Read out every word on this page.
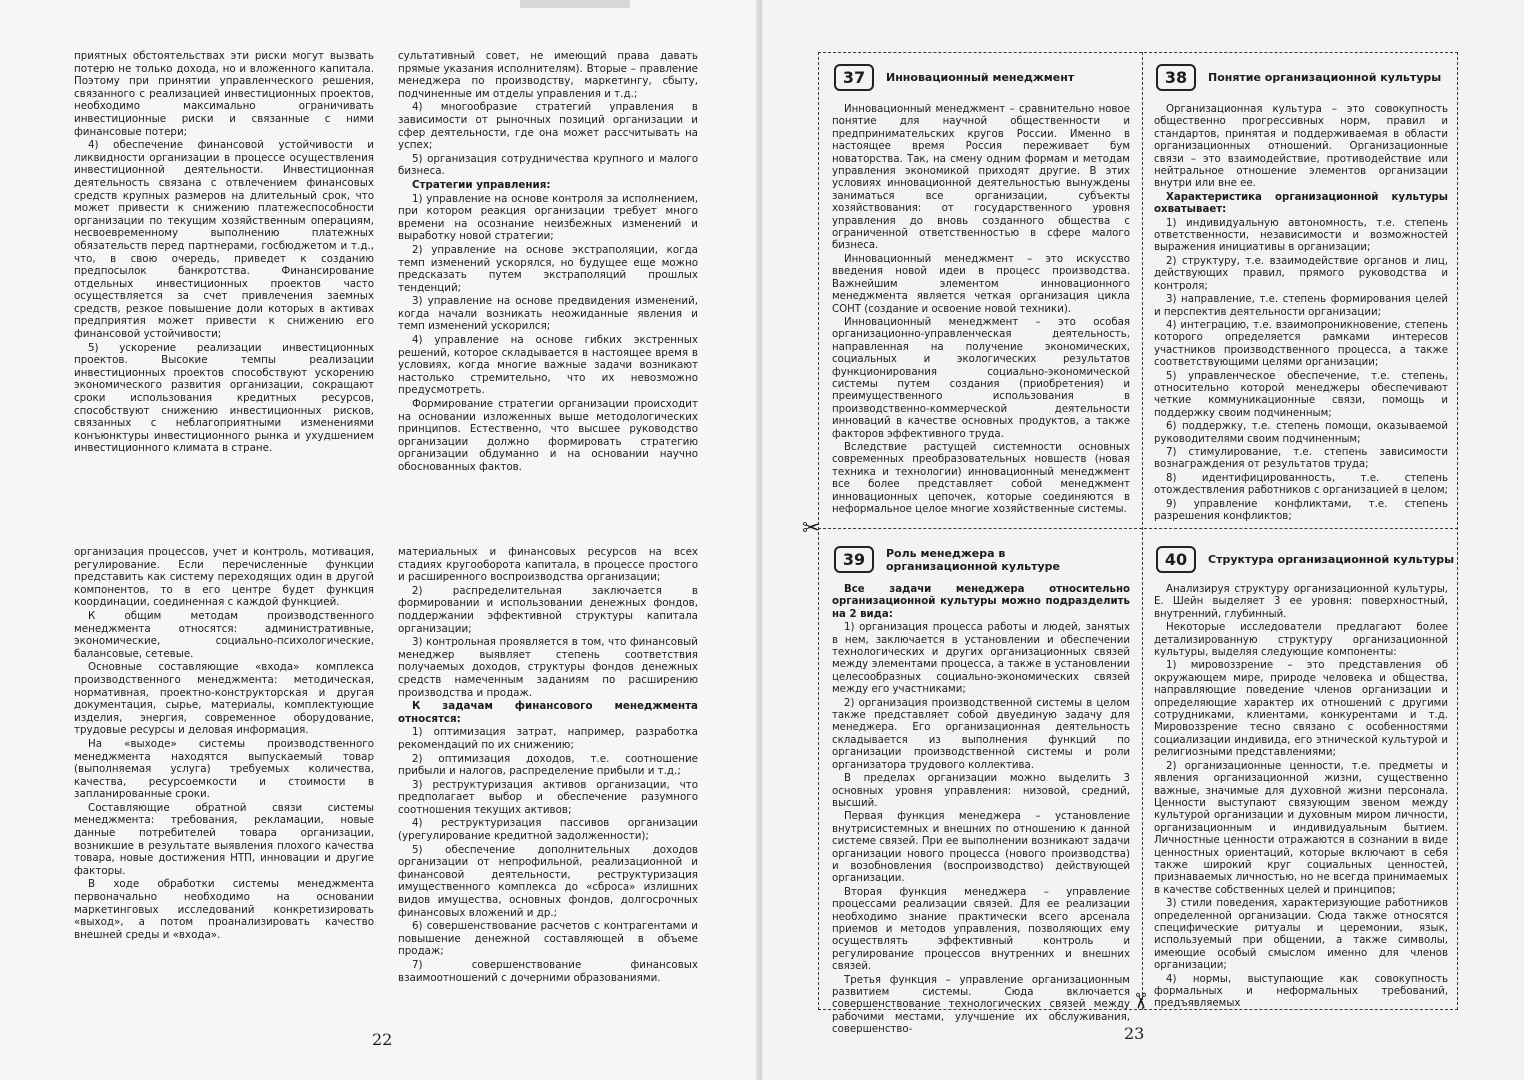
приятных обстоятельствах эти риски могут вызвать потерю не только дохода, но и вложенного капитала. Поэтому при принятии управленческого решения, связанного с реализацией инвестиционных проектов, необходимо максимально ограничивать инвестиционные риски и связанные с ними финансовые потери;

4) обеспечение финансовой устойчивости и ликвидности организации в процессе осуществления инвестиционной деятельности. Инвестиционная деятельность связана с отвлечением финансовых средств крупных размеров на длительный срок, что может привести к снижению платежеспособности организации по текущим хозяйственным операциям, несвоевременному выполнению платежных обязательств перед партнерами, госбюджетом и т.д., что, в свою очередь, приведет к созданию предпосылок банкротства. Финансирование отдельных инвестиционных проектов часто осуществляется за счет привлечения заемных средств, резкое повышение доли которых в активах предприятия может привести к снижению его финансовой устойчивости;

5) ускорение реализации инвестиционных проектов. Высокие темпы реализации инвестиционных проектов способствуют ускорению экономического развития организации, сокращают сроки использования кредитных ресурсов, способствуют снижению инвестиционных рисков, связанных с неблагоприятными изменениями конъюнктуры инвестиционного рынка и ухудшением инвестиционного климата в стране.

сультативный совет, не имеющий права давать прямые указания исполнителям). Вторые – правление менеджера по производству, маркетингу, сбыту, подчиненные им отделы управления и т.д.;

4) многообразие стратегий управления в зависимости от рыночных позиций организации и сфер деятельности, где она может рассчитывать на успех;

5) организация сотрудничества крупного и малого бизнеса.

Стратегии управления:

1) управление на основе контроля за исполнением, при котором реакция организации требует много времени на осознание неизбежных изменений и выработку новой стратегии;

2) управление на основе экстраполяции, когда темп изменений ускорялся, но будущее еще можно предсказать путем экстраполяций прошлых тенденций;

3) управление на основе предвидения изменений, когда начали возникать неожиданные явления и темп изменений ускорился;

4) управление на основе гибких экстренных решений, которое складывается в настоящее время в условиях, когда многие важные задачи возникают настолько стремительно, что их невозможно предусмотреть.

Формирование стратегии организации происходит на основании изложенных выше методологических принципов. Естественно, что высшее руководство организации должно формировать стратегию организации обдуманно и на основании научно обоснованных фактов.

организация процессов, учет и контроль, мотивация, регулирование. Если перечисленные функции представить как систему переходящих один в другой компонентов, то в его центре будет функция координации, соединенная с каждой функцией.

К общим методам производственного менеджмента относятся: административные, экономические, социально-психологические, балансовые, сетевые.

Основные составляющие «входа» комплекса производственного менеджмента: методическая, нормативная, проектно-конструкторская и другая документация, сырье, материалы, комплектующие изделия, энергия, современное оборудование, трудовые ресурсы и деловая информация.

На «выходе» системы производственного менеджмента находятся выпускаемый товар (выполняемая услуга) требуемых количества, качества, ресурсоемкости и стоимости в запланированные сроки.

Составляющие обратной связи системы менеджмента: требования, рекламации, новые данные потребителей товара организации, возникшие в результате выявления плохого качества товара, новые достижения НТП, инновации и другие факторы.

В ходе обработки системы менеджмента первоначально необходимо на основании маркетинговых исследований конкретизировать «выход», а потом проанализировать качество внешней среды и «входа».

материальных и финансовых ресурсов на всех стадиях кругооборота капитала, в процессе простого и расширенного воспроизводства организации;

2) распределительная заключается в формировании и использовании денежных фондов, поддержании эффективной структуры капитала организации;

3) контрольная проявляется в том, что финансовый менеджер выявляет степень соответствия получаемых доходов, структуры фондов денежных средств намеченным заданиям по расширению производства и продаж.

К задачам финансового менеджмента относятся:

1) оптимизация затрат, например, разработка рекомендаций по их снижению;

2) оптимизация доходов, т.е. соотношение прибыли и налогов, распределение прибыли и т.д.;

3) реструктуризация активов организации, что предполагает выбор и обеспечение разумного соотношения текущих активов;

4) реструктуризация пассивов организации (урегулирование кредитной задолженности);

5) обеспечение дополнительных доходов организации от непрофильной, реализационной и финансовой деятельности, реструктуризация имущественного комплекса до «сброса» излишних видов имущества, основных фондов, долгосрочных финансовых вложений и др.;

6) совершенствование расчетов с контрагентами и повышение денежной составляющей в объеме продаж;

7) совершенствование финансовых взаимоотношений с дочерними образованиями.

22
✂
✂
37	Инновационный менеджмент

Инновационный менеджмент – сравнительно новое понятие для научной общественности и предпринимательских кругов России. Именно в настоящее время Россия переживает бум новаторства. Так, на смену одним формам и методам управления экономикой приходят другие. В этих условиях инновационной деятельностью вынуждены заниматься все организации, субъекты хозяйствования: от государственного уровня управления до вновь созданного общества с ограниченной ответственностью в сфере малого бизнеса.

Инновационный менеджмент – это искусство введения новой идеи в процесс производства. Важнейшим элементом инновационного менеджмента является четкая организация цикла СОНТ (создание и освоение новой техники).

Инновационный менеджмент – это особая организационно-управленческая деятельность, направленная на получение экономических, социальных и экологических результатов функционирования социально-экономической системы путем создания (приобретения) и преимущественного использования в производственно-коммерческой деятельности инноваций в качестве основных продуктов, а также факторов эффективного труда.

Вследствие растущей системности основных современных преобразовательных новшеств (новая техника и технологии) инновационный менеджмент все более представляет собой менеджмент инновационных цепочек, которые соединяются в неформальное целое многие хозяйственные системы.

38	Понятие организационной культуры

Организационная культура – это совокупность общественно прогрессивных норм, правил и стандартов, принятая и поддерживаемая в области организационных отношений. Организационные связи – это взаимодействие, противодействие или нейтральное отношение элементов организации внутри или вне ее.

Характеристика организационной культуры охватывает:

1) индивидуальную автономность, т.е. степень ответственности, независимости и возможностей выражения инициативы в организации;

2) структуру, т.е. взаимодействие органов и лиц, действующих правил, прямого руководства и контроля;

3) направление, т.е. степень формирования целей и перспектив деятельности организации;

4) интеграцию, т.е. взаимопроникновение, степень которого определяется рамками интересов участников производственного процесса, а также соответствующими целями организации;

5) управленческое обеспечение, т.е. степень, относительно которой менеджеры обеспечивают четкие коммуникационные связи, помощь и поддержку своим подчиненным;

6) поддержку, т.е. степень помощи, оказываемой руководителями своим подчиненным;

7) стимулирование, т.е. степень зависимости вознаграждения от результатов труда;

8) идентифицированность, т.е. степень отождествления работников с организацией в целом;

9) управление конфликтами, т.е. степень разрешения конфликтов;

39	Роль менеджера в организационной культуре

Все задачи менеджера относительно организационной культуры можно подразделить на 2 вида:

1) организация процесса работы и людей, занятых в нем, заключается в установлении и обеспечении технологических и других организационных связей между элементами процесса, а также в установлении целесообразных социально-экономических связей между его участниками;

2) организация производственной системы в целом также представляет собой двуединую задачу для менеджера. Его организационная деятельность складывается из выполнения функций по организации производственной системы и роли организатора трудового коллектива.

В пределах организации можно выделить 3 основных уровня управления: низовой, средний, высший.

Первая функция менеджера – установление внутрисистемных и внешних по отношению к данной системе связей. При ее выполнении возникают задачи организации нового процесса (нового производства) и возобновления (воспроизводство) действующей организации.

Вторая функция менеджера – управление процессами реализации связей. Для ее реализации необходимо знание практически всего арсенала приемов и методов управления, позволяющих ему осуществлять эффективный контроль и регулирование процессов внутренних и внешних связей.

Третья функция – управление организационным развитием системы. Сюда включается совершенствование технологических связей между рабочими местами, улучшение их обслуживания, совершенство-

40	Структура организационной культуры

Анализируя структуру организационной культуры, Е. Шейн выделяет 3 ее уровня: поверхностный, внутренний, глубинный.

Некоторые исследователи предлагают более детализированную структуру организационной культуры, выделяя следующие компоненты:

1) мировоззрение – это представления об окружающем мире, природе человека и общества, направляющие поведение членов организации и определяющие характер их отношений с другими сотрудниками, клиентами, конкурентами и т.д. Мировоззрение тесно связано с особенностями социализации индивида, его этнической культурой и религиозными представлениями;

2) организационные ценности, т.е. предметы и явления организационной жизни, существенно важные, значимые для духовной жизни персонала. Ценности выступают связующим звеном между культурой организации и духовным миром личности, организационным и индивидуальным бытием. Личностные ценности отражаются в сознании в виде ценностных ориентаций, которые включают в себя также широкий круг социальных ценностей, признаваемых личностью, но не всегда принимаемых в качестве собственных целей и принципов;

3) стили поведения, характеризующие работников определенной организации. Сюда также относятся специфические ритуалы и церемонии, язык, используемый при общении, а также символы, имеющие особый смыслом именно для членов организации;

4) нормы, выступающие как совокупность формальных и неформальных требований, предъявляемых

23
